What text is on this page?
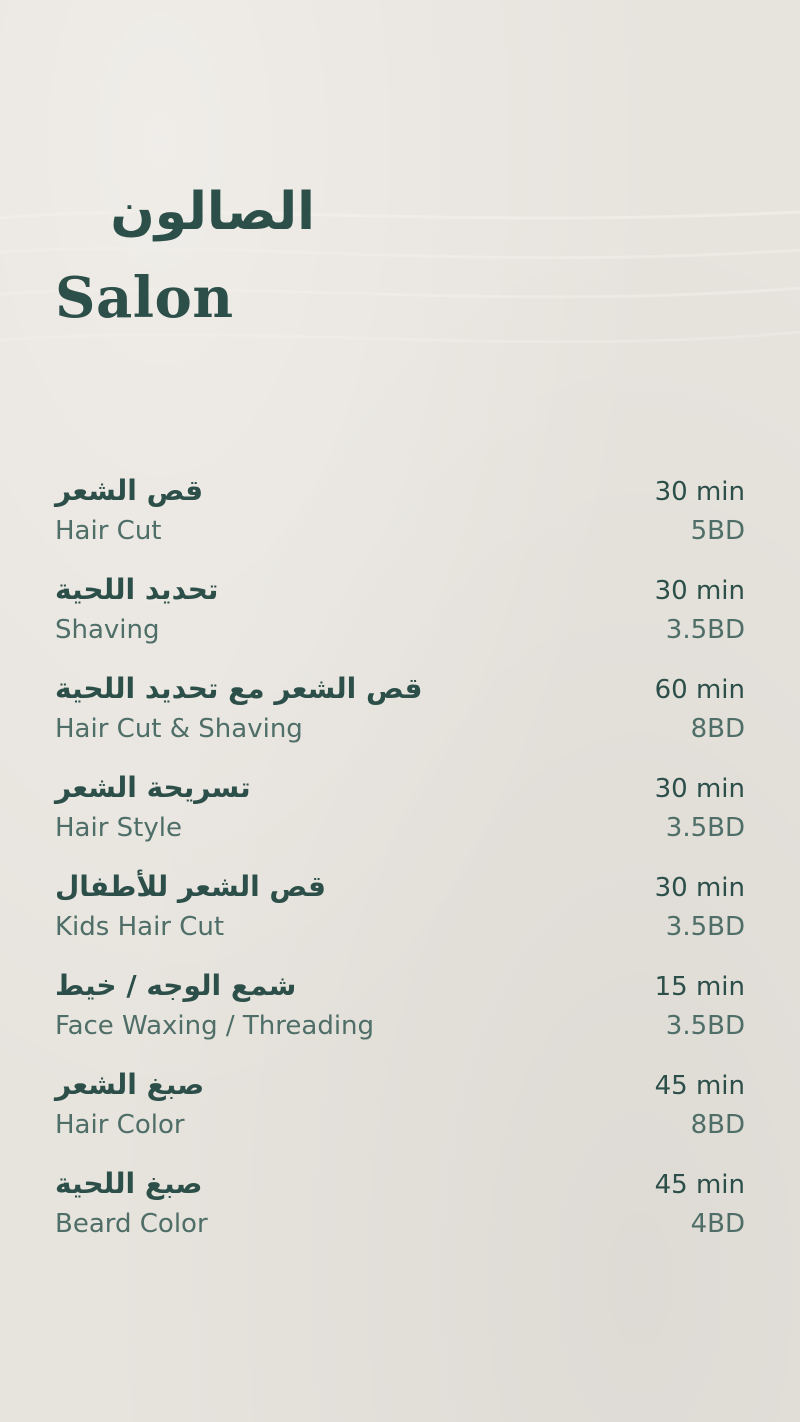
الصالون
Salon
قص الشعر
Hair Cut
30 min
5BD
تحديد اللحية
Shaving
30 min
3.5BD
قص الشعر مع تحديد اللحية
Hair Cut & Shaving
60 min
8BD
تسريحة الشعر
Hair Style
30 min
3.5BD
قص الشعر للأطفال
Kids Hair Cut
30 min
3.5BD
شمع الوجه / خيط
Face Waxing / Threading
15 min
3.5BD
صبغ الشعر
Hair Color
45 min
8BD
صبغ اللحية
Beard Color
45 min
4BD
